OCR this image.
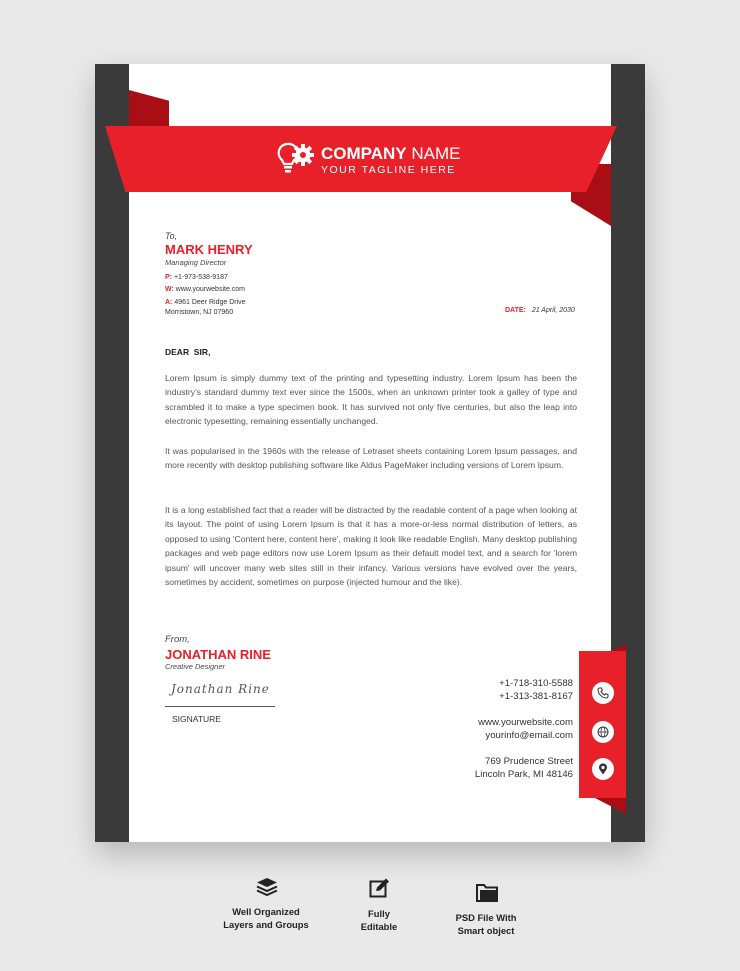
COMPANY NAME
YOUR TAGLINE HERE
To,
MARK HENRY
Managing Director
P: +1-973-538-9187
W: www.yourwebsite.com
A: 4961 Deer Ridge Drive
Morristown, NJ 07960	DATE: 21 April, 2030
DEAR  SIR,

Lorem Ipsum is simply dummy text of the printing and typesetting industry. Lorem Ipsum has been the industry's standard dummy text ever since the 1500s, when an unknown printer took a galley of type and scrambled it to make a type specimen book. It has survived not only five centuries, but also the leap into electronic typesetting, remaining essentially unchanged.

It was popularised in the 1960s with the release of Letraset sheets containing Lorem Ipsum passages, and more recently with desktop publishing software like Aldus PageMaker including versions of Lorem Ipsum.

It is a long established fact that a reader will be distracted by the readable content of a page when looking at its layout. The point of using Lorem Ipsum is that it has a more-or-less normal distribution of letters, as opposed to using 'Content here, content here', making it look like readable English. Many desktop publishing packages and web page editors now use Lorem Ipsum as their default model text, and a search for 'lorem ipsum' will uncover many web sites still in their infancy. Various versions have evolved over the years, sometimes by accident, sometimes on purpose (injected humour and the like).

From,
JONATHAN RINE
Creative Designer
Jonathan Rine
SIGNATURE
+1-718-310-5588
+1-313-381-8167
www.yourwebsite.com
yourinfo@email.com
769 Prudence Street
Lincoln Park, MI 48146
Well Organized
Layers and Groups
Fully
Editable
PSD File With
Smart object
